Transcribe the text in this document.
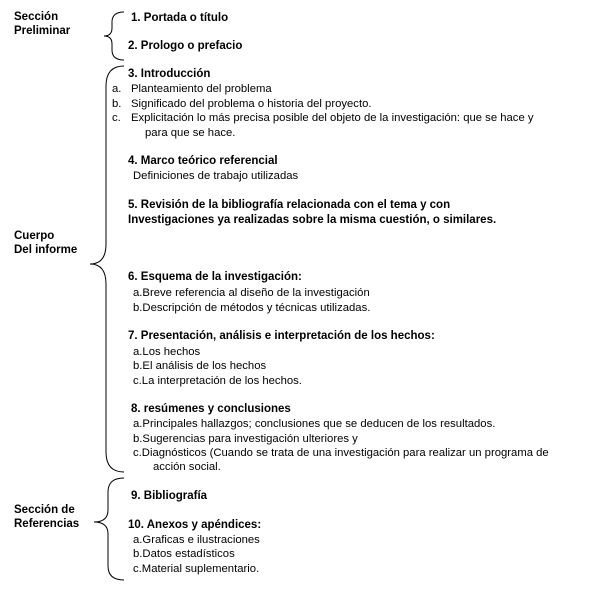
Sección
Preliminar
Cuerpo
Del informe
Sección de
Referencias
1. Portada o título
2. Prologo o prefacio
3. Introducción
a. Planteamiento del problema
b. Significado del problema o historia del proyecto.
c. Explicitación lo más precisa posible del objeto de la investigación: que se hace y
para que se hace.
4. Marco teórico referencial
Definiciones de trabajo utilizadas
5. Revisión de la bibliografía relacionada con el tema y con
Investigaciones ya realizadas sobre la misma cuestión, o similares.
6. Esquema de la investigación:
a.Breve referencia al diseño de la investigación
b.Descripción de métodos y técnicas utilizadas.
7. Presentación, análisis e interpretación de los hechos:
a.Los hechos
b.El análisis de los hechos
c.La interpretación de los hechos.
8. resúmenes y conclusiones
a.Principales hallazgos; conclusiones que se deducen de los resultados.
b.Sugerencias para investigación ulteriores y
c.Diagnósticos (Cuando se trata de una investigación para realizar un programa de
acción social.
9. Bibliografía
10. Anexos y apéndices:
a.Graficas e ilustraciones
b.Datos estadísticos
c.Material suplementario.
